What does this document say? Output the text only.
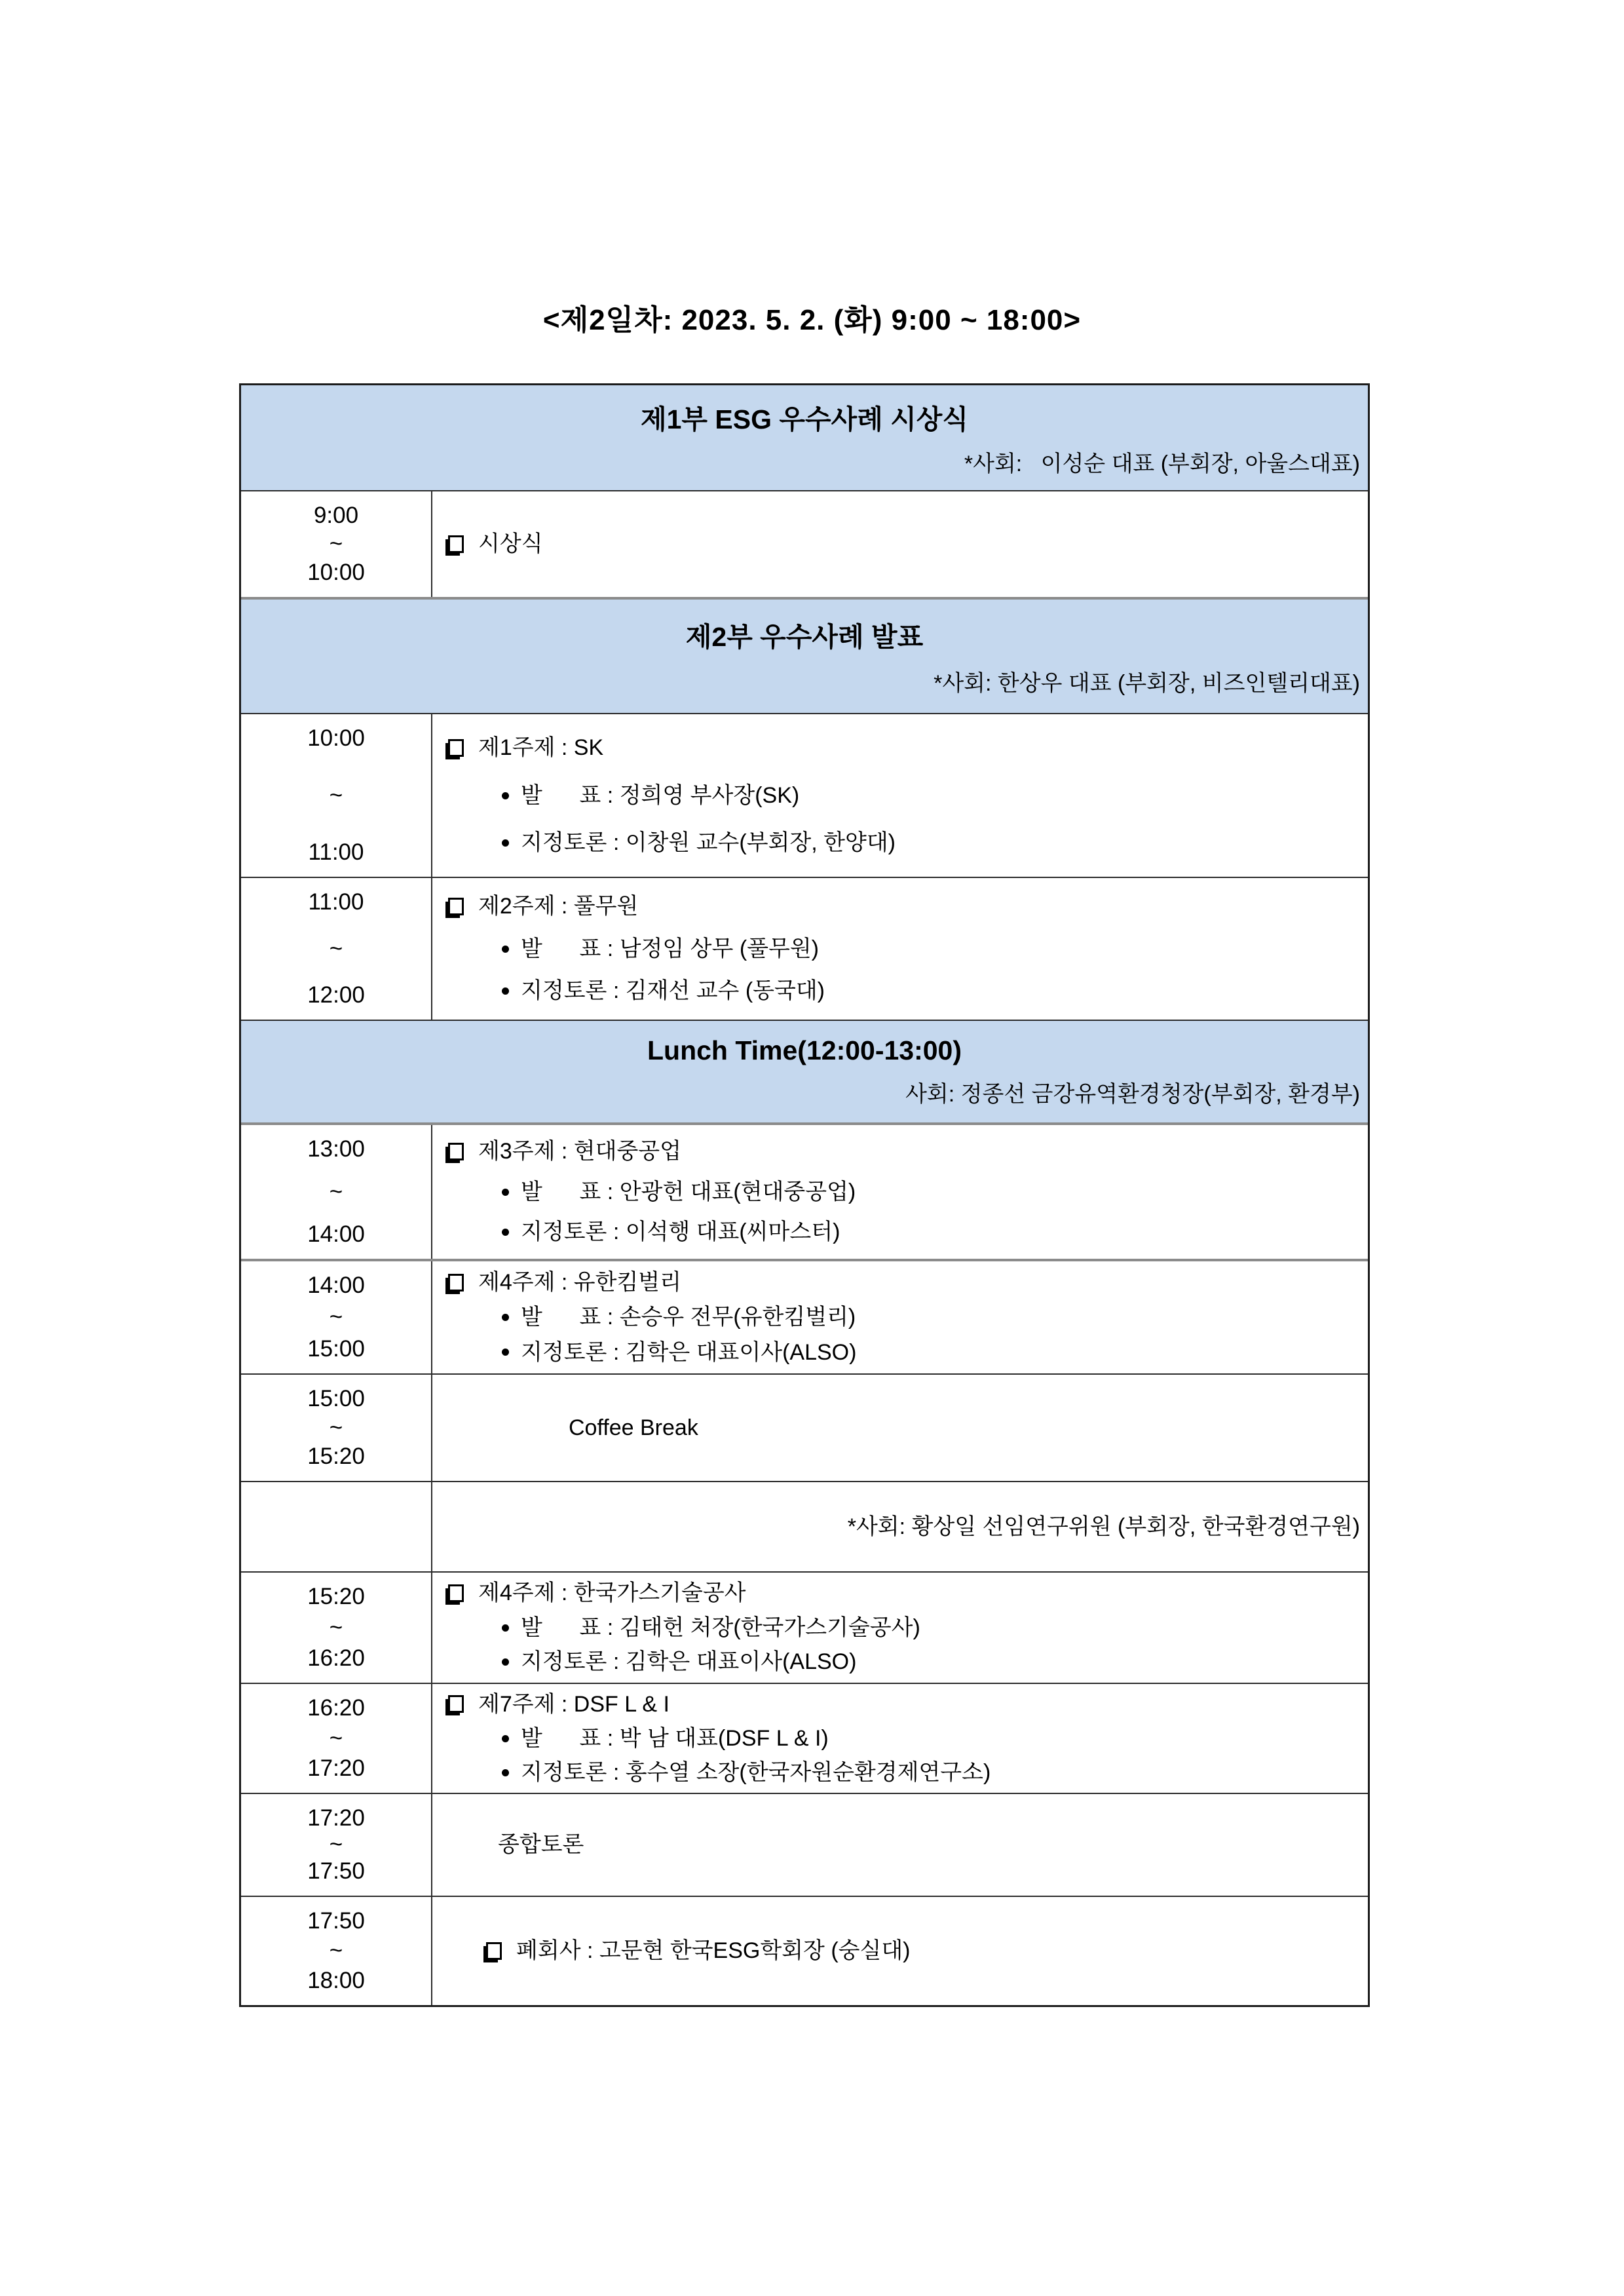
<제2일차: 2023. 5. 2. (화) 9:00 ~ 18:00>
제1부 ESG 우수사례 시상식
*사회:   이성순 대표 (부회장, 아울스대표)
9:00
~
10:00
시상식
제2부 우수사례 발표
*사회: 한상우 대표 (부회장, 비즈인텔리대표)
10:00
~
11:00
제1주제 : SK
발      표 : 정희영 부사장(SK)
지정토론 : 이창원 교수(부회장, 한양대)
11:00
~
12:00
제2주제 : 풀무원
발      표 : 남정임 상무 (풀무원)
지정토론 : 김재선 교수 (동국대)
Lunch Time(12:00-13:00)
사회: 정종선 금강유역환경청장(부회장, 환경부)
13:00
~
14:00
제3주제 : 현대중공업
발      표 : 안광헌 대표(현대중공업)
지정토론 : 이석행 대표(씨마스터)
14:00
~
15:00
제4주제 : 유한킴벌리
발      표 : 손승우 전무(유한킴벌리)
지정토론 : 김학은 대표이사(ALSO)
15:00
~
15:20
Coffee Break
*사회: 황상일 선임연구위원 (부회장, 한국환경연구원)
15:20
~
16:20
제4주제 : 한국가스기술공사
발      표 : 김태헌 처장(한국가스기술공사)
지정토론 : 김학은 대표이사(ALSO)
16:20
~
17:20
제7주제 : DSF L & I
발      표 : 박 남 대표(DSF L & I)
지정토론 : 홍수열 소장(한국자원순환경제연구소)
17:20
~
17:50
종합토론
17:50
~
18:00
폐회사 : 고문현 한국ESG학회장 (숭실대)
